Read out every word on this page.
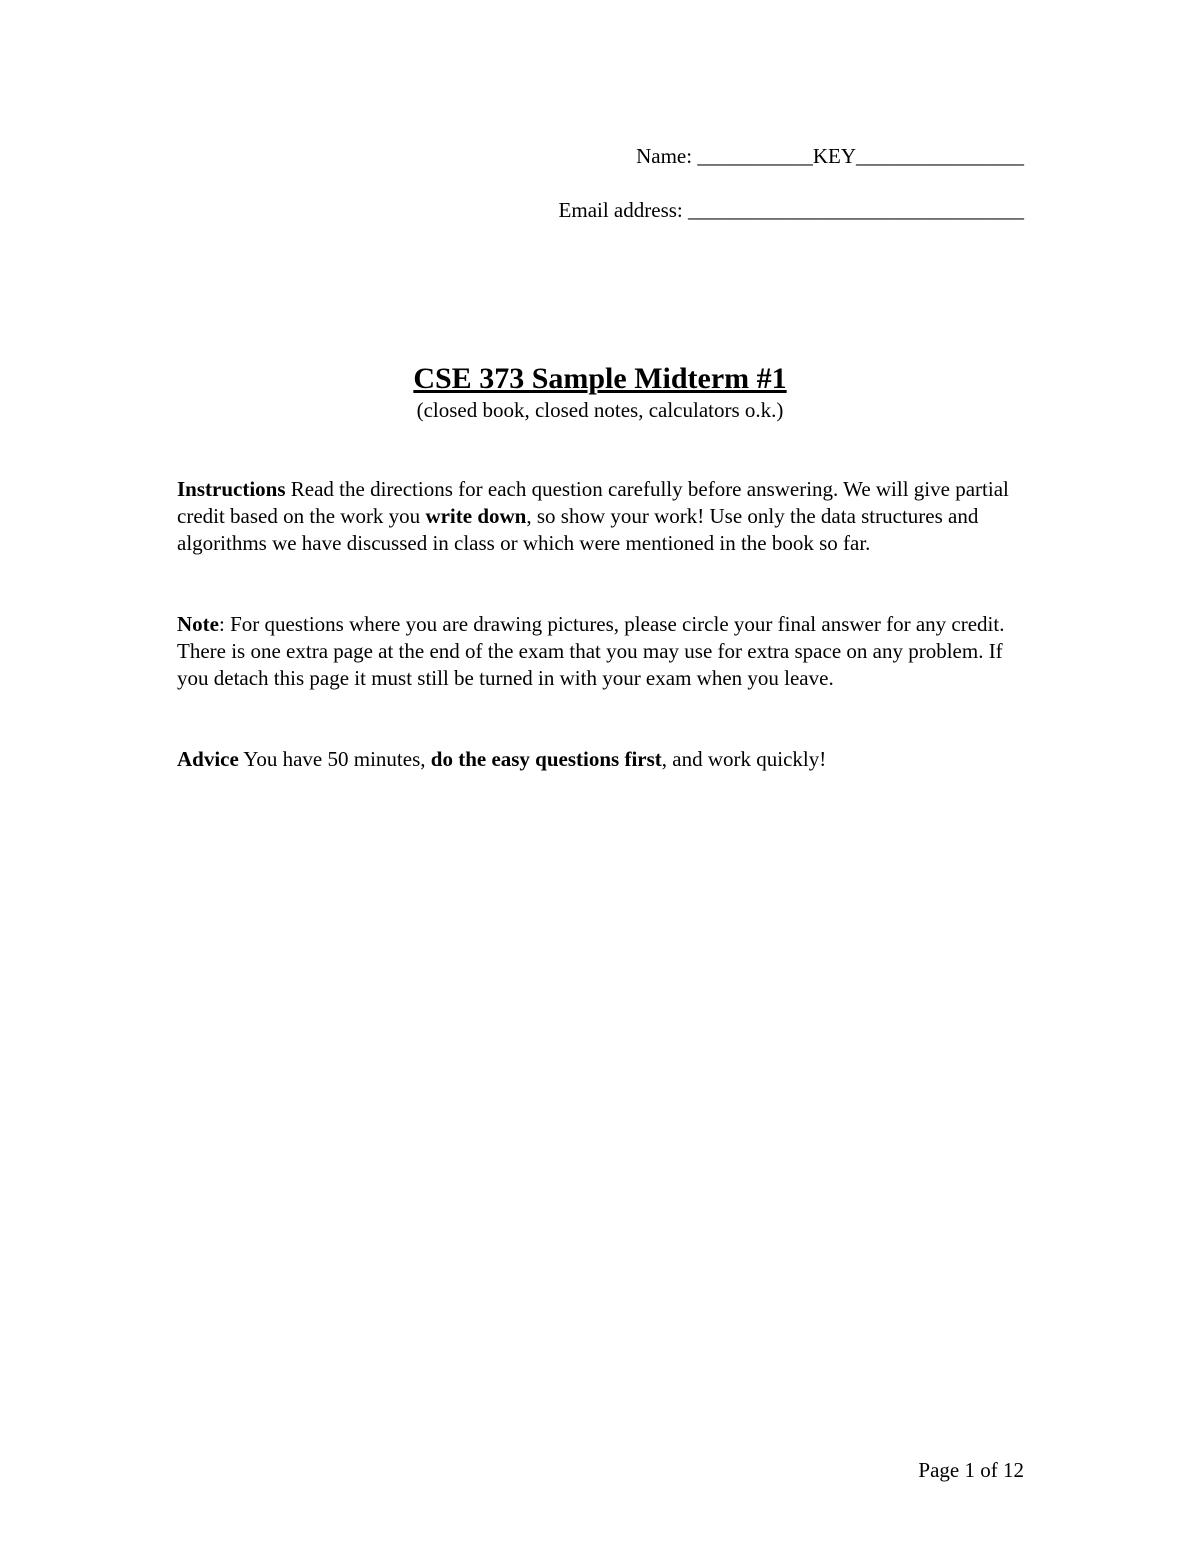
Name: ___________KEY________________
Email address: ________________________________
CSE 373 Sample Midterm #1
(closed book, closed notes, calculators o.k.)

Instructions Read the directions for each question carefully before answering. We will give partial credit based on the work you write down, so show your work! Use only the data structures and algorithms we have discussed in class or which were mentioned in the book so far.

Note: For questions where you are drawing pictures, please circle your final answer for any credit. There is one extra page at the end of the exam that you may use for extra space on any problem. If you detach this page it must still be turned in with your exam when you leave.

Advice You have 50 minutes, do the easy questions first, and work quickly!

Page 1 of 12
